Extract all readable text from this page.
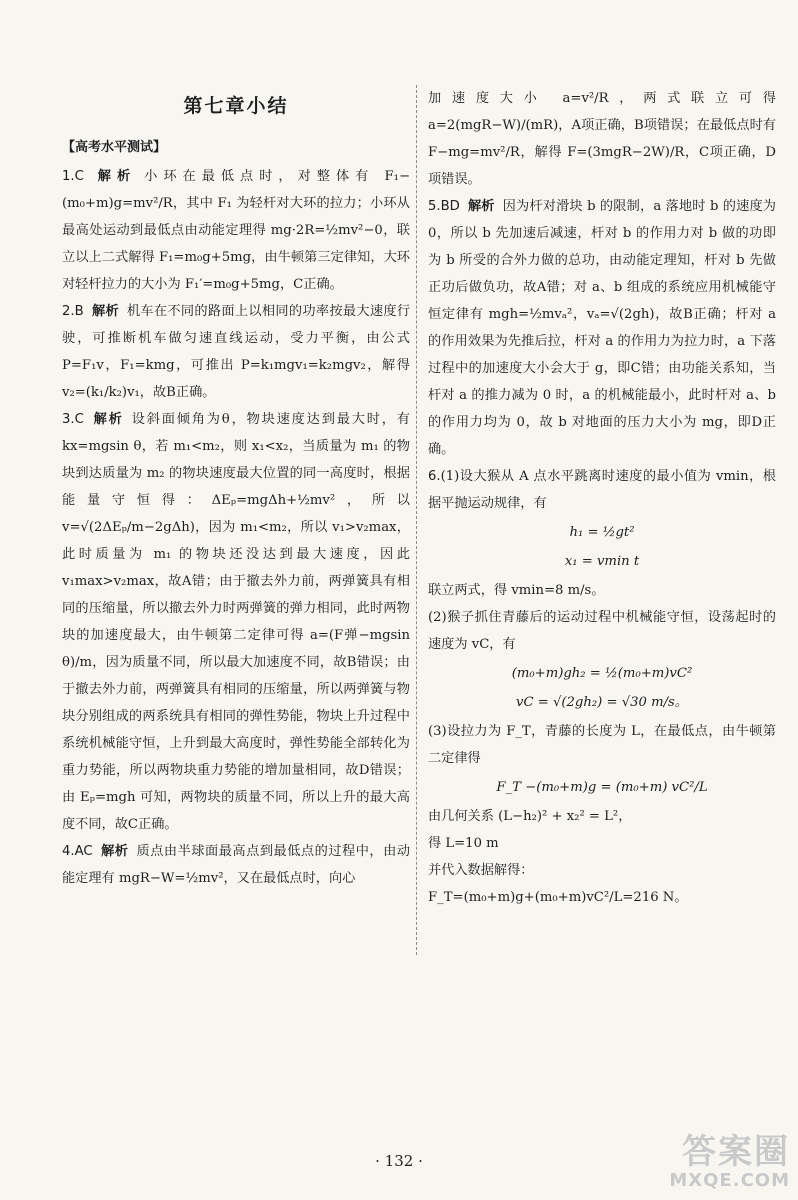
第七章小结
【高考水平测试】

1.C 解析 小环在最低点时，对整体有 F₁−(m₀+m)g=mv²/R，其中 F₁ 为轻杆对大环的拉力；小环从最高处运动到最低点由动能定理得 mg·2R=½mv²−0，联立以上二式解得 F₁=m₀g+5mg，由牛顿第三定律知，大环对轻杆拉力的大小为 F₁′=m₀g+5mg，C正确。

2.B 解析 机车在不同的路面上以相同的功率按最大速度行驶，可推断机车做匀速直线运动，受力平衡，由公式 P=F₁v，F₁=kmg，可推出 P=k₁mgv₁=k₂mgv₂，解得 v₂=(k₁/k₂)v₁，故B正确。

3.C 解析 设斜面倾角为θ，物块速度达到最大时，有 kx=mgsin θ，若 m₁<m₂，则 x₁<x₂，当质量为 m₁ 的物块到达质量为 m₂ 的物块速度最大位置的同一高度时，根据能量守恒得：ΔEₚ=mgΔh+½mv²，所以 v=√(2ΔEₚ/m−2gΔh)，因为 m₁<m₂，所以 v₁>v₂max，此时质量为 m₁ 的物块还没达到最大速度，因此 v₁max>v₂max，故A错；由于撤去外力前，两弹簧具有相同的压缩量，所以撤去外力时两弹簧的弹力相同，此时两物块的加速度最大，由牛顿第二定律可得 a=(F弹−mgsin θ)/m，因为质量不同，所以最大加速度不同，故B错误；由于撤去外力前，两弹簧具有相同的压缩量，所以两弹簧与物块分别组成的两系统具有相同的弹性势能，物块上升过程中系统机械能守恒，上升到最大高度时，弹性势能全部转化为重力势能，所以两物块重力势能的增加量相同，故D错误；由 Eₚ=mgh 可知，两物块的质量不同，所以上升的最大高度不同，故C正确。

4.AC 解析 质点由半球面最高点到最低点的过程中，由动能定理有 mgR−W=½mv²，又在最低点时，向心

加速度大小 a=v²/R，两式联立可得 a=2(mgR−W)/(mR)，A项正确，B项错误；在最低点时有 F−mg=mv²/R，解得 F=(3mgR−2W)/R，C项正确，D项错误。

5.BD 解析 因为杆对滑块 b 的限制，a 落地时 b 的速度为 0，所以 b 先加速后减速，杆对 b 的作用力对 b 做的功即为 b 所受的合外力做的总功，由动能定理知，杆对 b 先做正功后做负功，故A错；对 a、b 组成的系统应用机械能守恒定律有 mgh=½mvₐ²，vₐ=√(2gh)，故B正确；杆对 a 的作用效果为先推后拉，杆对 a 的作用力为拉力时，a 下落过程中的加速度大小会大于 g，即C错；由功能关系知，当杆对 a 的推力减为 0 时，a 的机械能最小，此时杆对 a、b 的作用力均为 0，故 b 对地面的压力大小为 mg，即D正确。

6.(1)设大猴从 A 点水平跳离时速度的最小值为 vmin，根据平抛运动规律，有

h₁ = ½gt²

x₁ = vmin t

联立两式，得 vmin=8 m/s。

(2)猴子抓住青藤后的运动过程中机械能守恒，设荡起时的速度为 vC，有

(m₀+m)gh₂ = ½(m₀+m)vC²

vC = √(2gh₂) = √30 m/s。

(3)设拉力为 F_T，青藤的长度为 L，在最低点，由牛顿第二定律得

F_T −(m₀+m)g = (m₀+m) vC²/L

由几何关系 (L−h₂)² + x₂² = L²，

得 L=10 m

并代入数据解得：

F_T=(m₀+m)g+(m₀+m)vC²/L=216 N。

· 132 ·	答案圈
MXQE.COM
